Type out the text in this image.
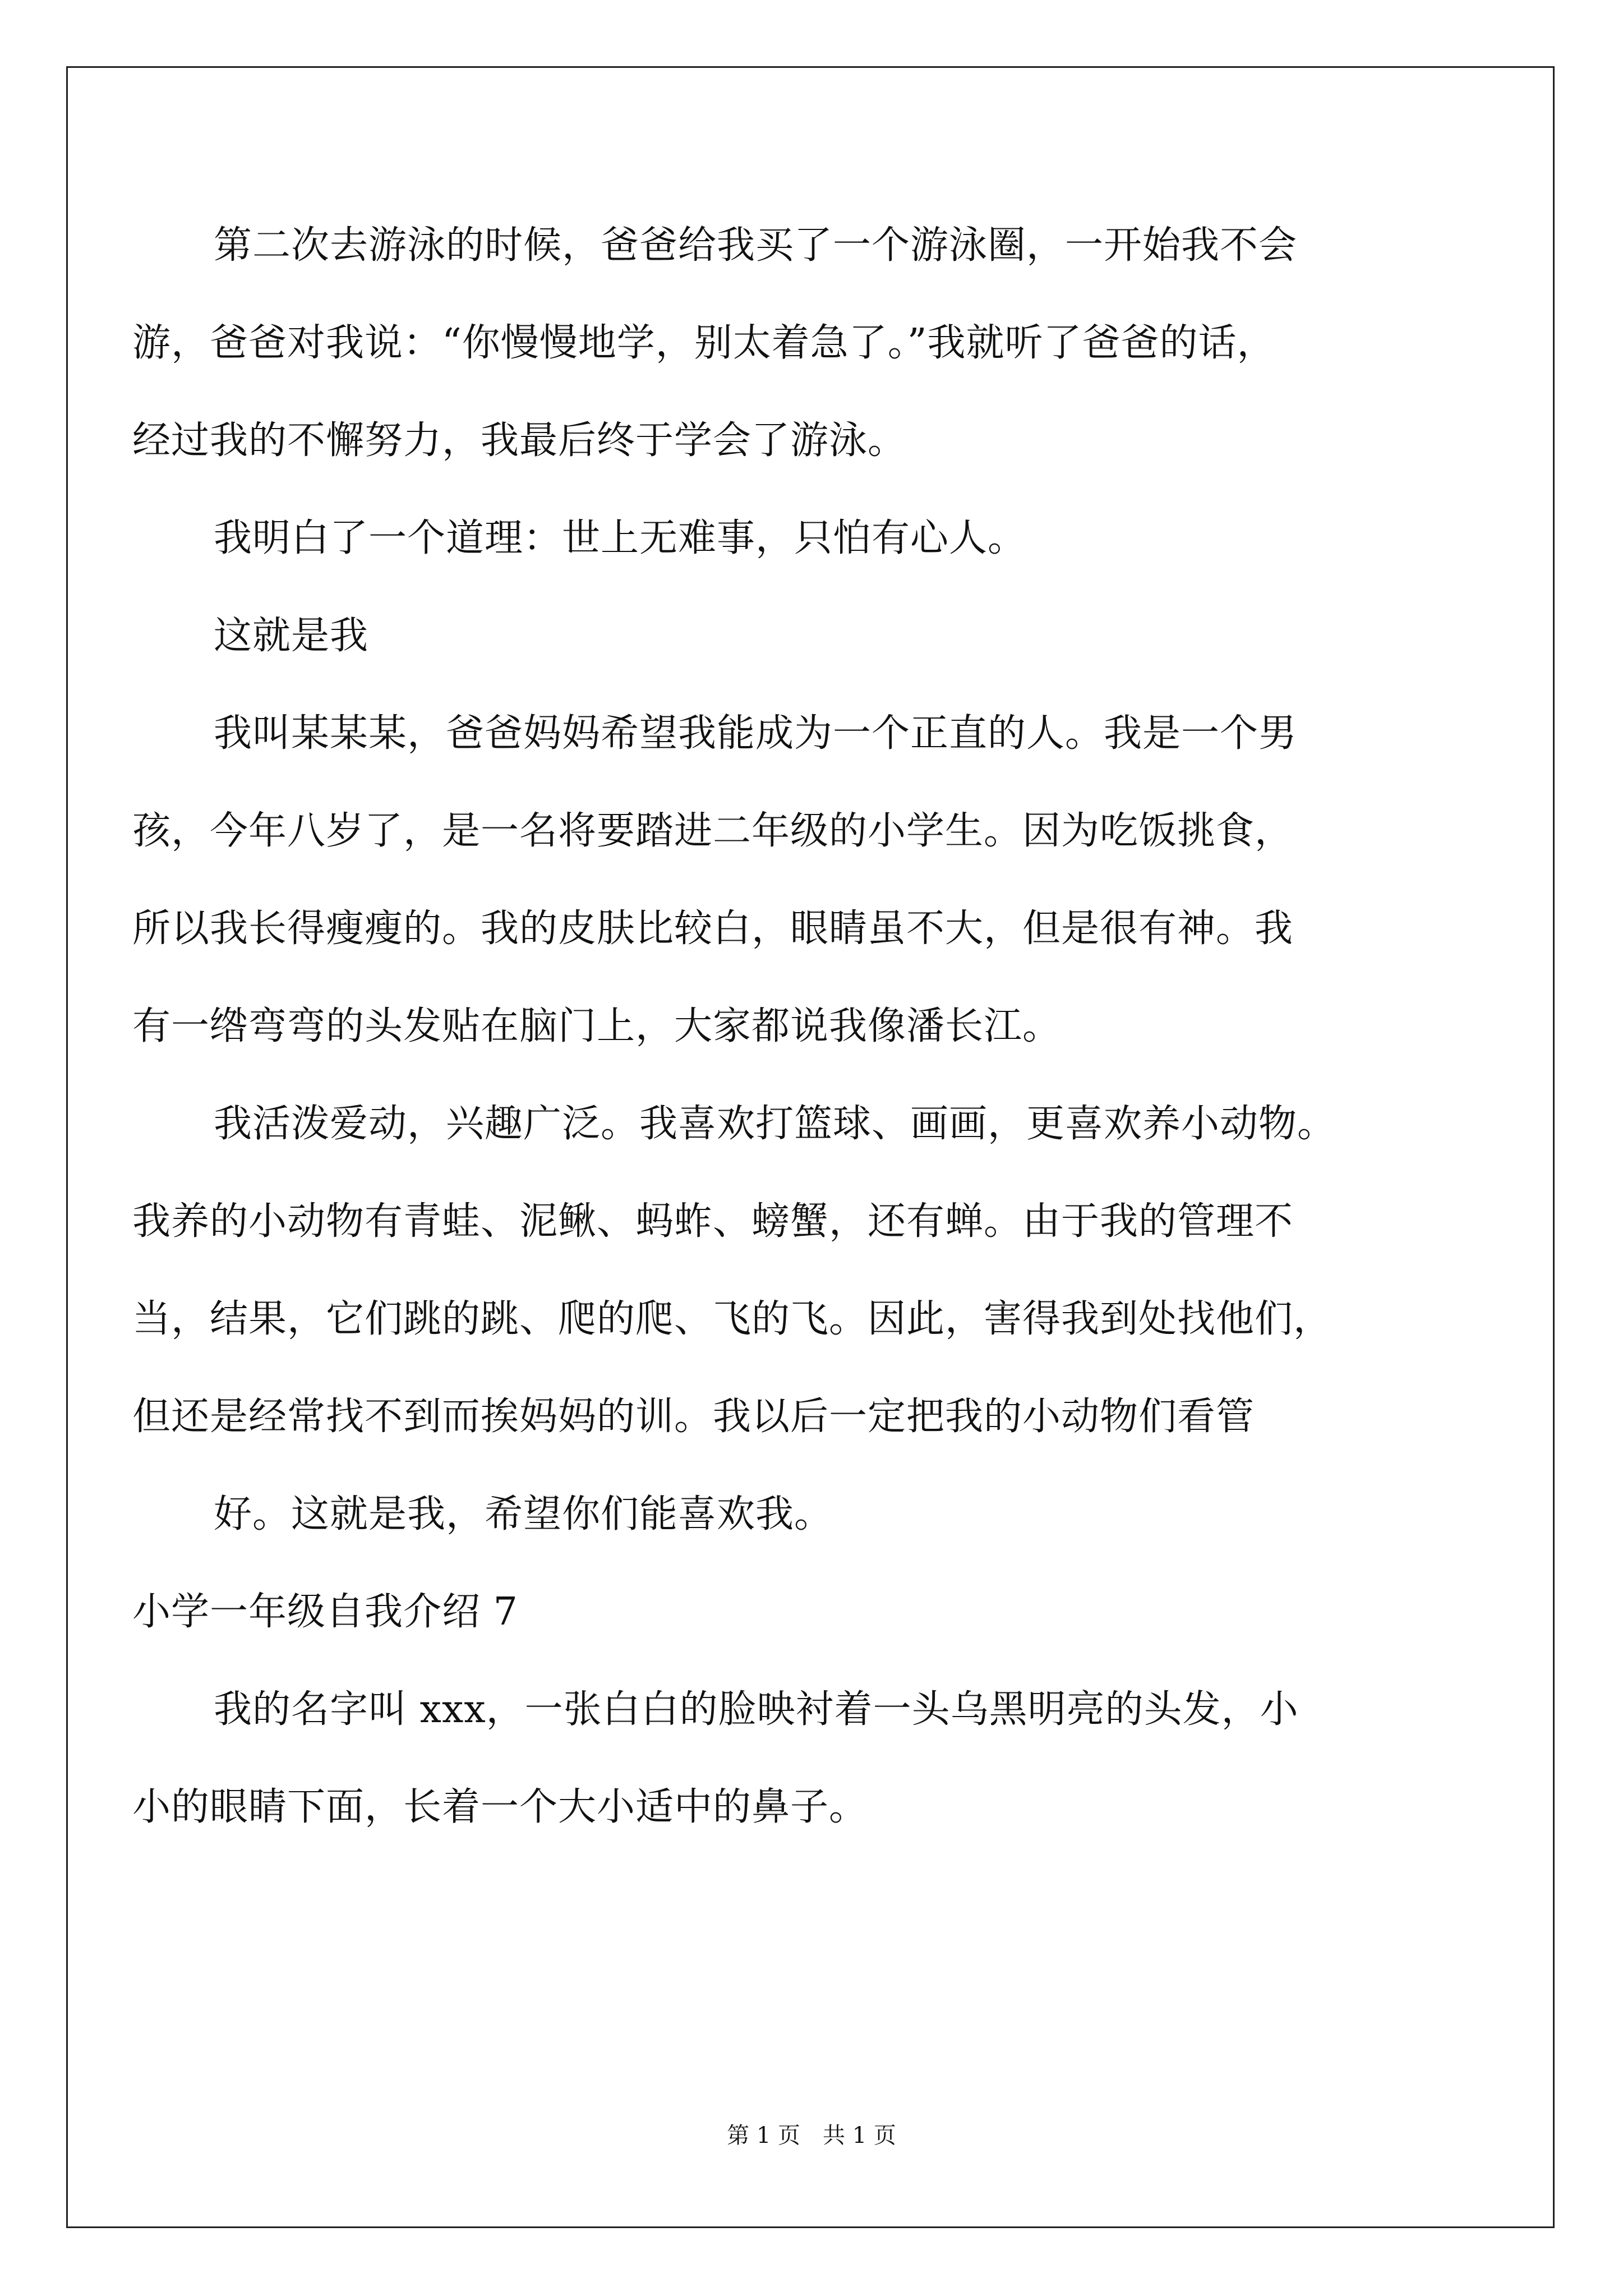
第二次去游泳的时候，爸爸给我买了一个游泳圈，一开始我不会
游，爸爸对我说：“你慢慢地学，别太着急了。”我就听了爸爸的话，
经过我的不懈努力，我最后终于学会了游泳。
我明白了一个道理：世上无难事，只怕有心人。
这就是我
我叫某某某，爸爸妈妈希望我能成为一个正直的人。我是一个男
孩，今年八岁了，是一名将要踏进二年级的小学生。因为吃饭挑食，
所以我长得瘦瘦的。我的皮肤比较白，眼睛虽不大，但是很有神。我
有一绺弯弯的头发贴在脑门上，大家都说我像潘长江。
我活泼爱动，兴趣广泛。我喜欢打篮球、画画，更喜欢养小动物。
我养的小动物有青蛙、泥鳅、蚂蚱、螃蟹，还有蝉。由于我的管理不
当，结果，它们跳的跳、爬的爬、飞的飞。因此，害得我到处找他们，
但还是经常找不到而挨妈妈的训。我以后一定把我的小动物们看管
好。这就是我，希望你们能喜欢我。
小学一年级自我介绍 7
我的名字叫 xxx，一张白白的脸映衬着一头乌黑明亮的头发，小
小的眼睛下面，长着一个大小适中的鼻子。
第 1 页　共 1 页
